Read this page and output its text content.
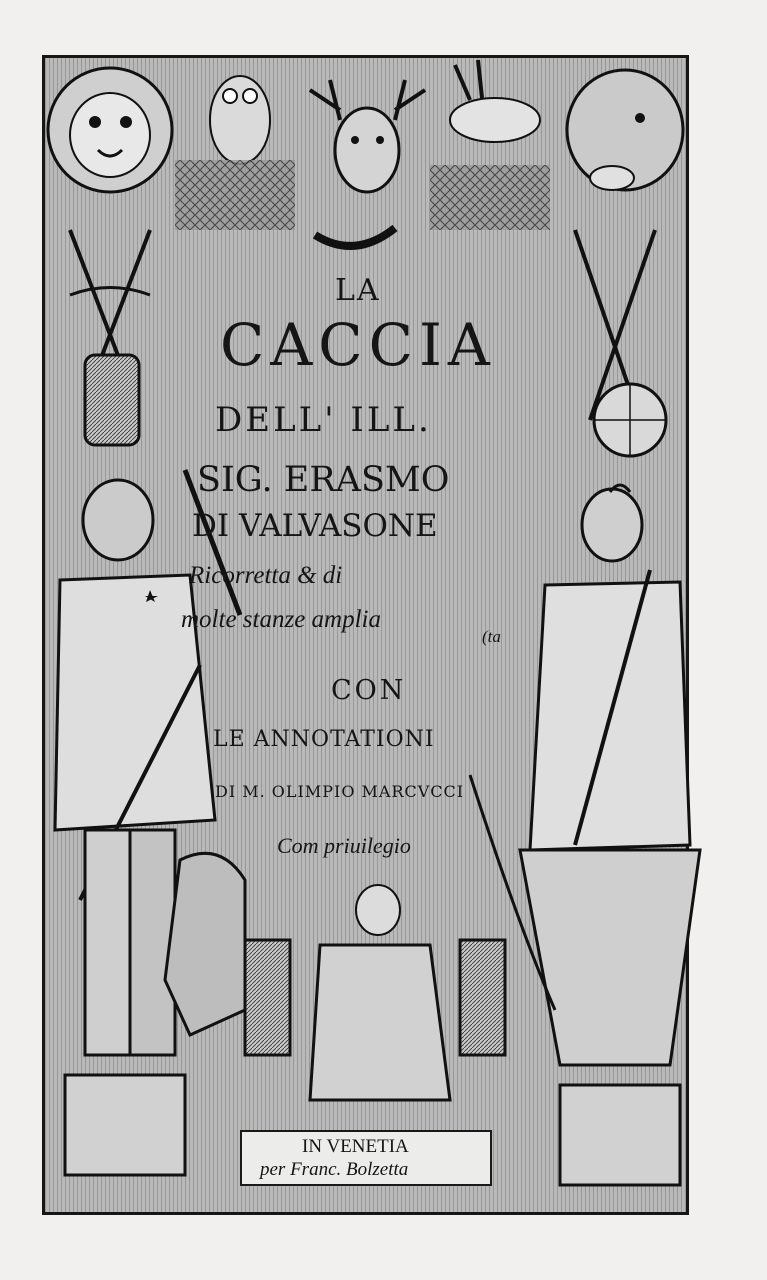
LA
CACCIA
DELL' ILL.
SIG. ERASMO
DI VALVASONE
Ricorretta & di
molte stanze amplia
(ta
CON
LE ANNOTATIONI
DI M. OLIMPIO MARCVCCI
Com priuilegio
IN VENETIA
per Franc. Bolzetta
